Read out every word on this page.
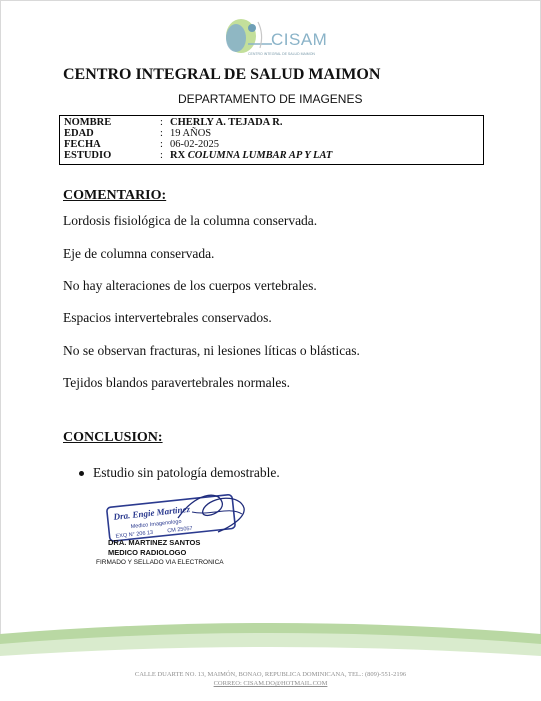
CISAM
CENTRO INTEGRAL DE SALUD MAIMON
CENTRO INTEGRAL DE SALUD MAIMON
DEPARTAMENTO DE IMAGENES
NOMBRE	: CHERLY A. TEJADA R.
EDAD	: 19 AÑOS
FECHA	: 06-02-2025
ESTUDIO	: RX COLUMNA LUMBAR AP Y LAT
COMENTARIO:
Lordosis fisiológica de la columna conservada.
Eje de columna conservada.
No hay alteraciones de los cuerpos vertebrales.
Espacios intervertebrales conservados.
No se observan fracturas, ni lesiones líticas o blásticas.
Tejidos blandos paravertebrales normales.
CONCLUSION:
Estudio sin patología demostrable.
Dra. Engie Martinez
Medico Imagenologo
EXQ N° 206 13 CM 25057
DRA. MARTINEZ SANTOS
MEDICO RADIOLOGO
FIRMADO Y SELLADO VIA ELECTRONICA
CALLE DUARTE NO. 13, MAIMÓN, BONAO, REPUBLICA DOMINICANA, TEL.: (809)-551-2196
CORREO: CISAM.DO@HOTMAIL.COM
